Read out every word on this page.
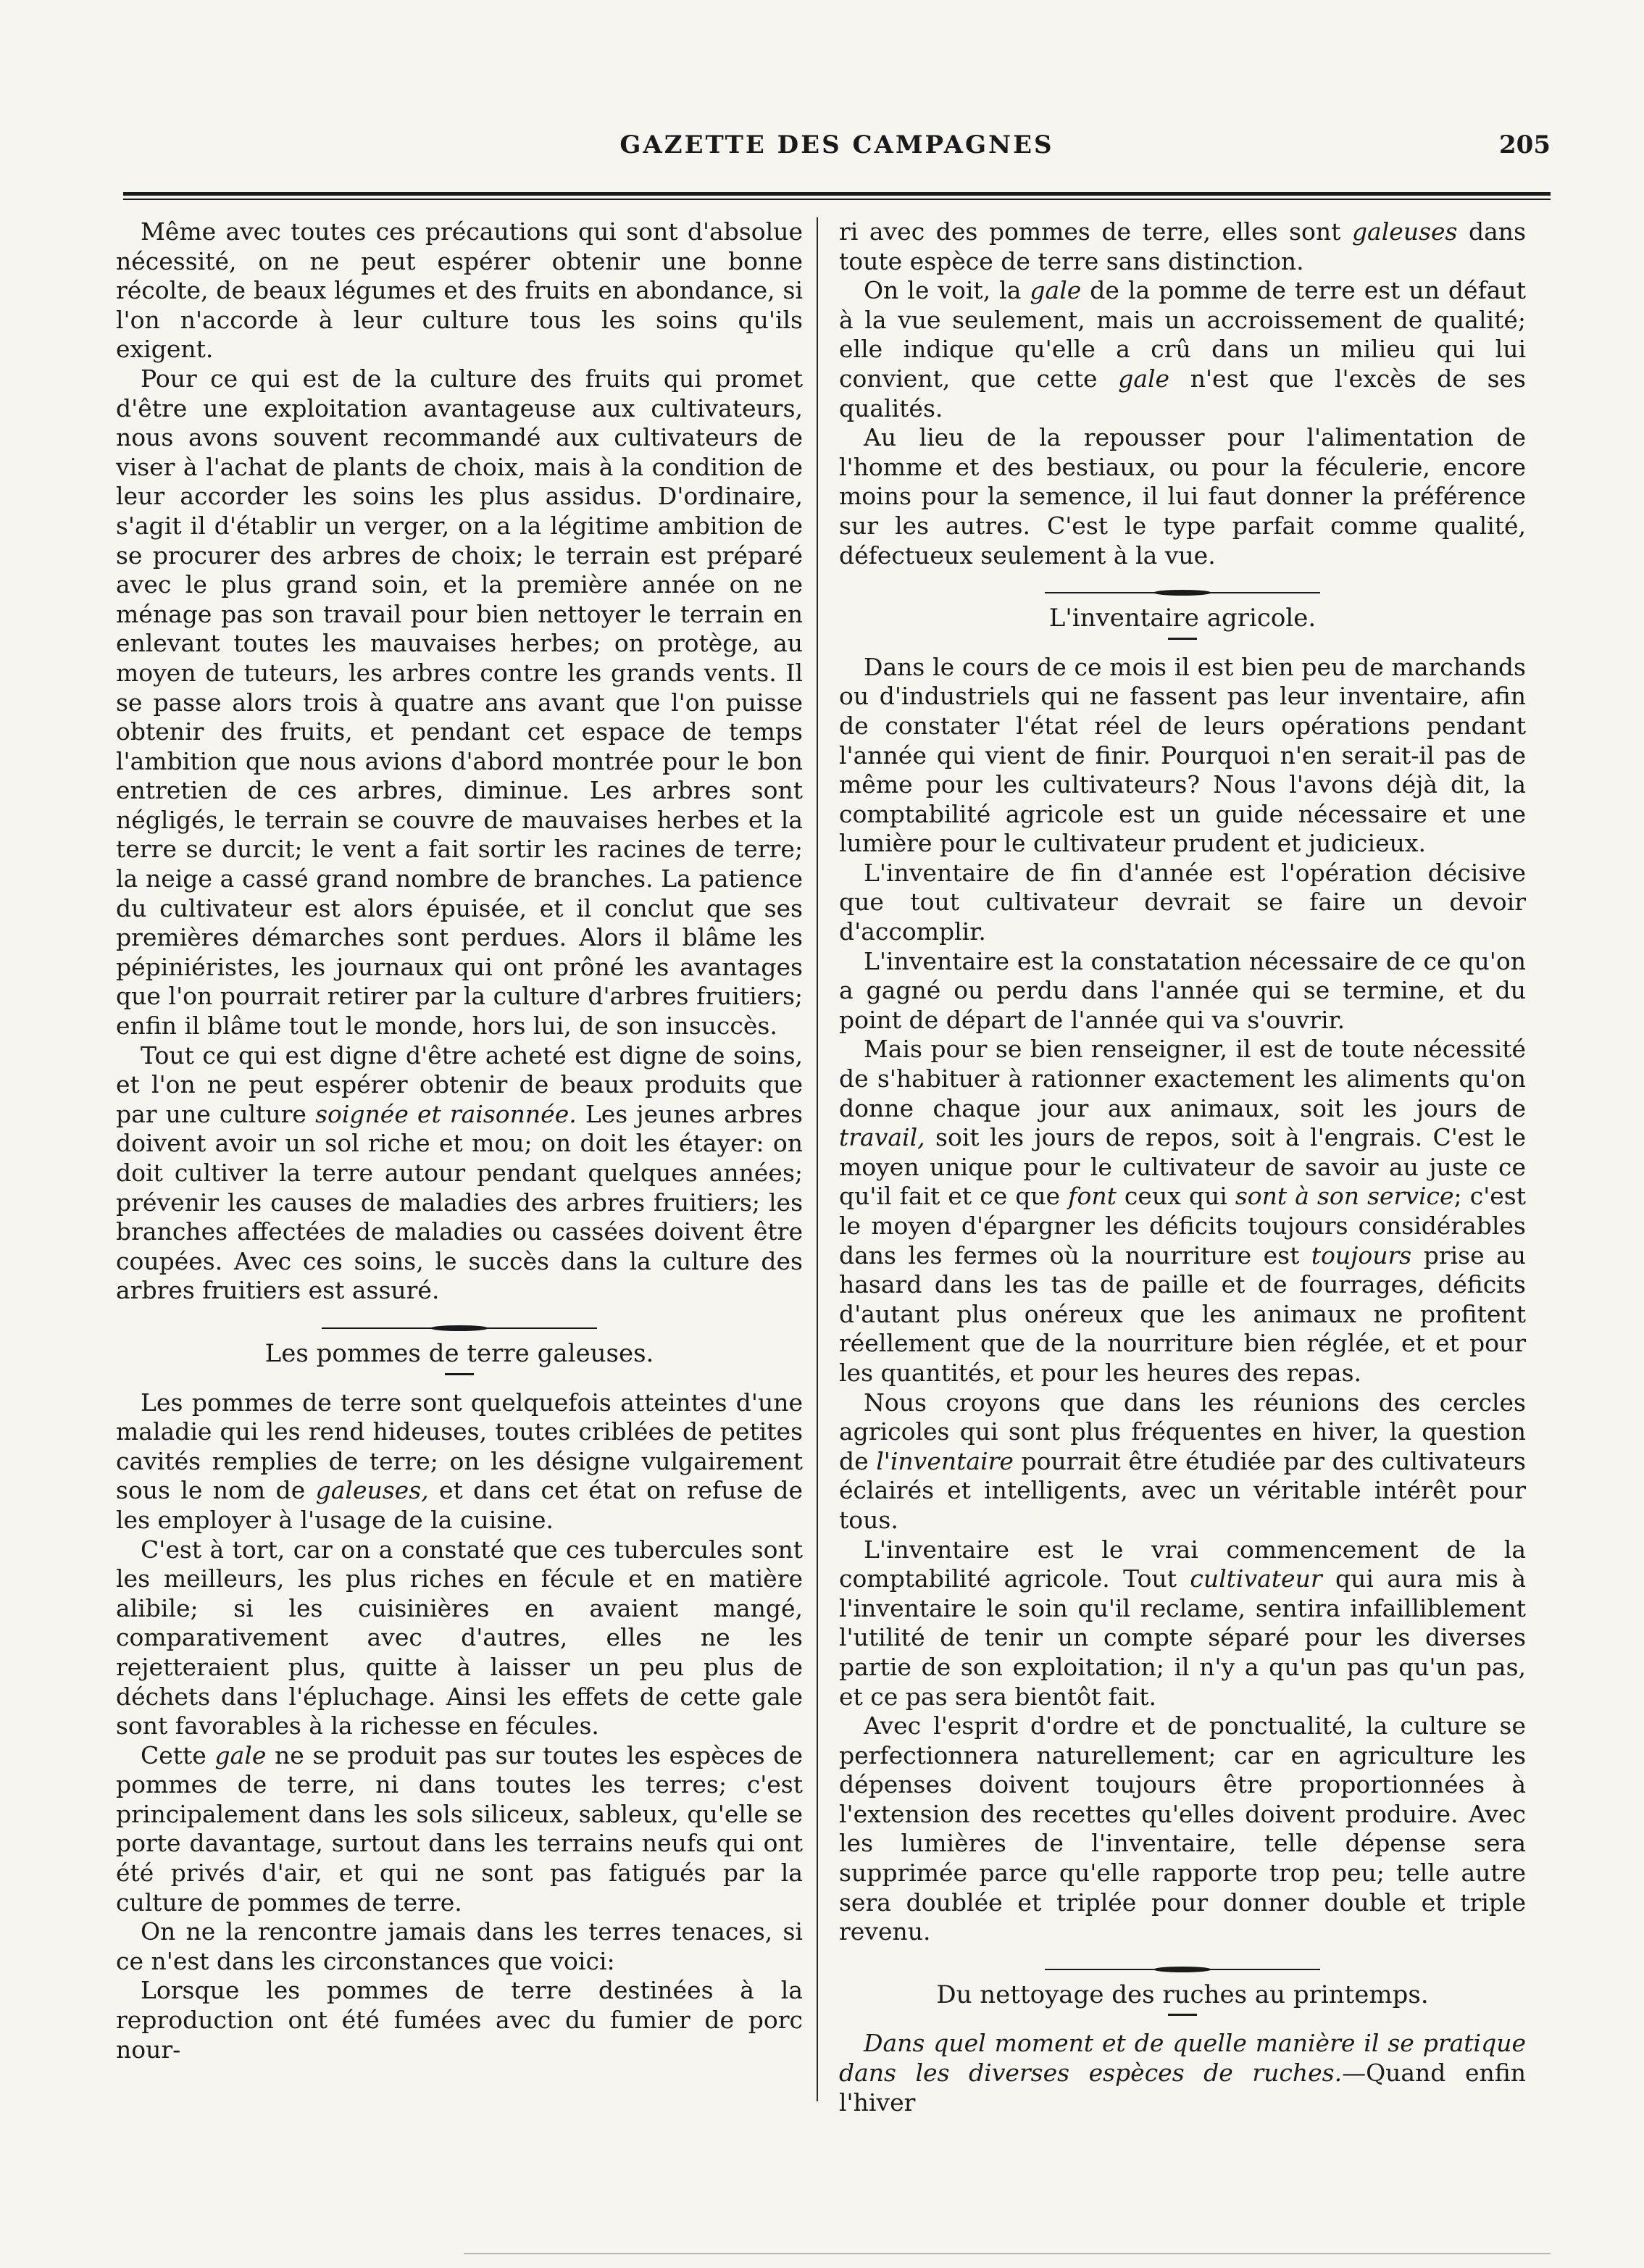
GAZETTE DES CAMPAGNES	205

Même avec toutes ces précautions qui sont d'absolue nécessité, on ne peut espérer obtenir une bonne récolte, de beaux légumes et des fruits en abondance, si l'on n'accorde à leur culture tous les soins qu'ils exigent.

Pour ce qui est de la culture des fruits qui promet d'être une exploitation avantageuse aux cultivateurs, nous avons souvent recommandé aux cultivateurs de viser à l'achat de plants de choix, mais à la condition de leur accorder les soins les plus assidus. D'ordinaire, s'agit il d'établir un verger, on a la légitime ambition de se procurer des arbres de choix; le terrain est préparé avec le plus grand soin, et la première année on ne ménage pas son travail pour bien nettoyer le terrain en enlevant toutes les mauvaises herbes; on protège, au moyen de tuteurs, les arbres contre les grands vents. Il se passe alors trois à quatre ans avant que l'on puisse obtenir des fruits, et pendant cet espace de temps l'ambition que nous avions d'abord montrée pour le bon entretien de ces arbres, diminue. Les arbres sont négligés, le terrain se couvre de mauvaises herbes et la terre se durcit; le vent a fait sortir les racines de terre; la neige a cassé grand nombre de branches. La patience du cultivateur est alors épuisée, et il conclut que ses premières démarches sont perdues. Alors il blâme les pépiniéristes, les journaux qui ont prôné les avantages que l'on pourrait retirer par la culture d'arbres fruitiers; enfin il blâme tout le monde, hors lui, de son insuccès.

Tout ce qui est digne d'être acheté est digne de soins, et l'on ne peut espérer obtenir de beaux produits que par une culture soignée et raisonnée. Les jeunes arbres doivent avoir un sol riche et mou; on doit les étayer: on doit cultiver la terre autour pendant quelques années; prévenir les causes de maladies des arbres fruitiers; les branches affectées de maladies ou cassées doivent être coupées. Avec ces soins, le succès dans la culture des arbres fruitiers est assuré.

Les pommes de terre galeuses.

Les pommes de terre sont quelquefois atteintes d'une maladie qui les rend hideuses, toutes criblées de petites cavités remplies de terre; on les désigne vulgairement sous le nom de galeuses, et dans cet état on refuse de les employer à l'usage de la cuisine.

C'est à tort, car on a constaté que ces tubercules sont les meilleurs, les plus riches en fécule et en matière alibile; si les cuisinières en avaient mangé, comparativement avec d'autres, elles ne les rejetteraient plus, quitte à laisser un peu plus de déchets dans l'épluchage. Ainsi les effets de cette gale sont favorables à la richesse en fécules.

Cette gale ne se produit pas sur toutes les espèces de pommes de terre, ni dans toutes les terres; c'est principalement dans les sols siliceux, sableux, qu'elle se porte davantage, surtout dans les terrains neufs qui ont été privés d'air, et qui ne sont pas fatigués par la culture de pommes de terre.

On ne la rencontre jamais dans les terres tenaces, si ce n'est dans les circonstances que voici:

Lorsque les pommes de terre destinées à la reproduction ont été fumées avec du fumier de porc nour-

ri avec des pommes de terre, elles sont galeuses dans toute espèce de terre sans distinction.

On le voit, la gale de la pomme de terre est un défaut à la vue seulement, mais un accroissement de qualité; elle indique qu'elle a crû dans un milieu qui lui convient, que cette gale n'est que l'excès de ses qualités.

Au lieu de la repousser pour l'alimentation de l'homme et des bestiaux, ou pour la féculerie, encore moins pour la semence, il lui faut donner la préférence sur les autres. C'est le type parfait comme qualité, défectueux seulement à la vue.

L'inventaire agricole.

Dans le cours de ce mois il est bien peu de marchands ou d'industriels qui ne fassent pas leur inventaire, afin de constater l'état réel de leurs opérations pendant l'année qui vient de finir. Pourquoi n'en serait-il pas de même pour les cultivateurs? Nous l'avons déjà dit, la comptabilité agricole est un guide nécessaire et une lumière pour le cultivateur prudent et judicieux.

L'inventaire de fin d'année est l'opération décisive que tout cultivateur devrait se faire un devoir d'accomplir.

L'inventaire est la constatation nécessaire de ce qu'on a gagné ou perdu dans l'année qui se termine, et du point de départ de l'année qui va s'ouvrir.

Mais pour se bien renseigner, il est de toute nécessité de s'habituer à rationner exactement les aliments qu'on donne chaque jour aux animaux, soit les jours de travail, soit les jours de repos, soit à l'engrais. C'est le moyen unique pour le cultivateur de savoir au juste ce qu'il fait et ce que font ceux qui sont à son service; c'est le moyen d'épargner les déficits toujours considérables dans les fermes où la nourriture est toujours prise au hasard dans les tas de paille et de fourrages, déficits d'autant plus onéreux que les animaux ne profitent réellement que de la nourriture bien réglée, et et pour les quantités, et pour les heures des repas.

Nous croyons que dans les réunions des cercles agricoles qui sont plus fréquentes en hiver, la question de l'inventaire pourrait être étudiée par des cultivateurs éclairés et intelligents, avec un véritable intérêt pour tous.

L'inventaire est le vrai commencement de la comptabilité agricole. Tout cultivateur qui aura mis à l'inventaire le soin qu'il reclame, sentira infailliblement l'utilité de tenir un compte séparé pour les diverses partie de son exploitation; il n'y a qu'un pas qu'un pas, et ce pas sera bientôt fait.

Avec l'esprit d'ordre et de ponctualité, la culture se perfectionnera naturellement; car en agriculture les dépenses doivent toujours être proportionnées à l'extension des recettes qu'elles doivent produire. Avec les lumières de l'inventaire, telle dépense sera supprimée parce qu'elle rapporte trop peu; telle autre sera doublée et triplée pour donner double et triple revenu.

Du nettoyage des ruches au printemps.

Dans quel moment et de quelle manière il se pratique dans les diverses espèces de ruches.—Quand enfin l'hiver
